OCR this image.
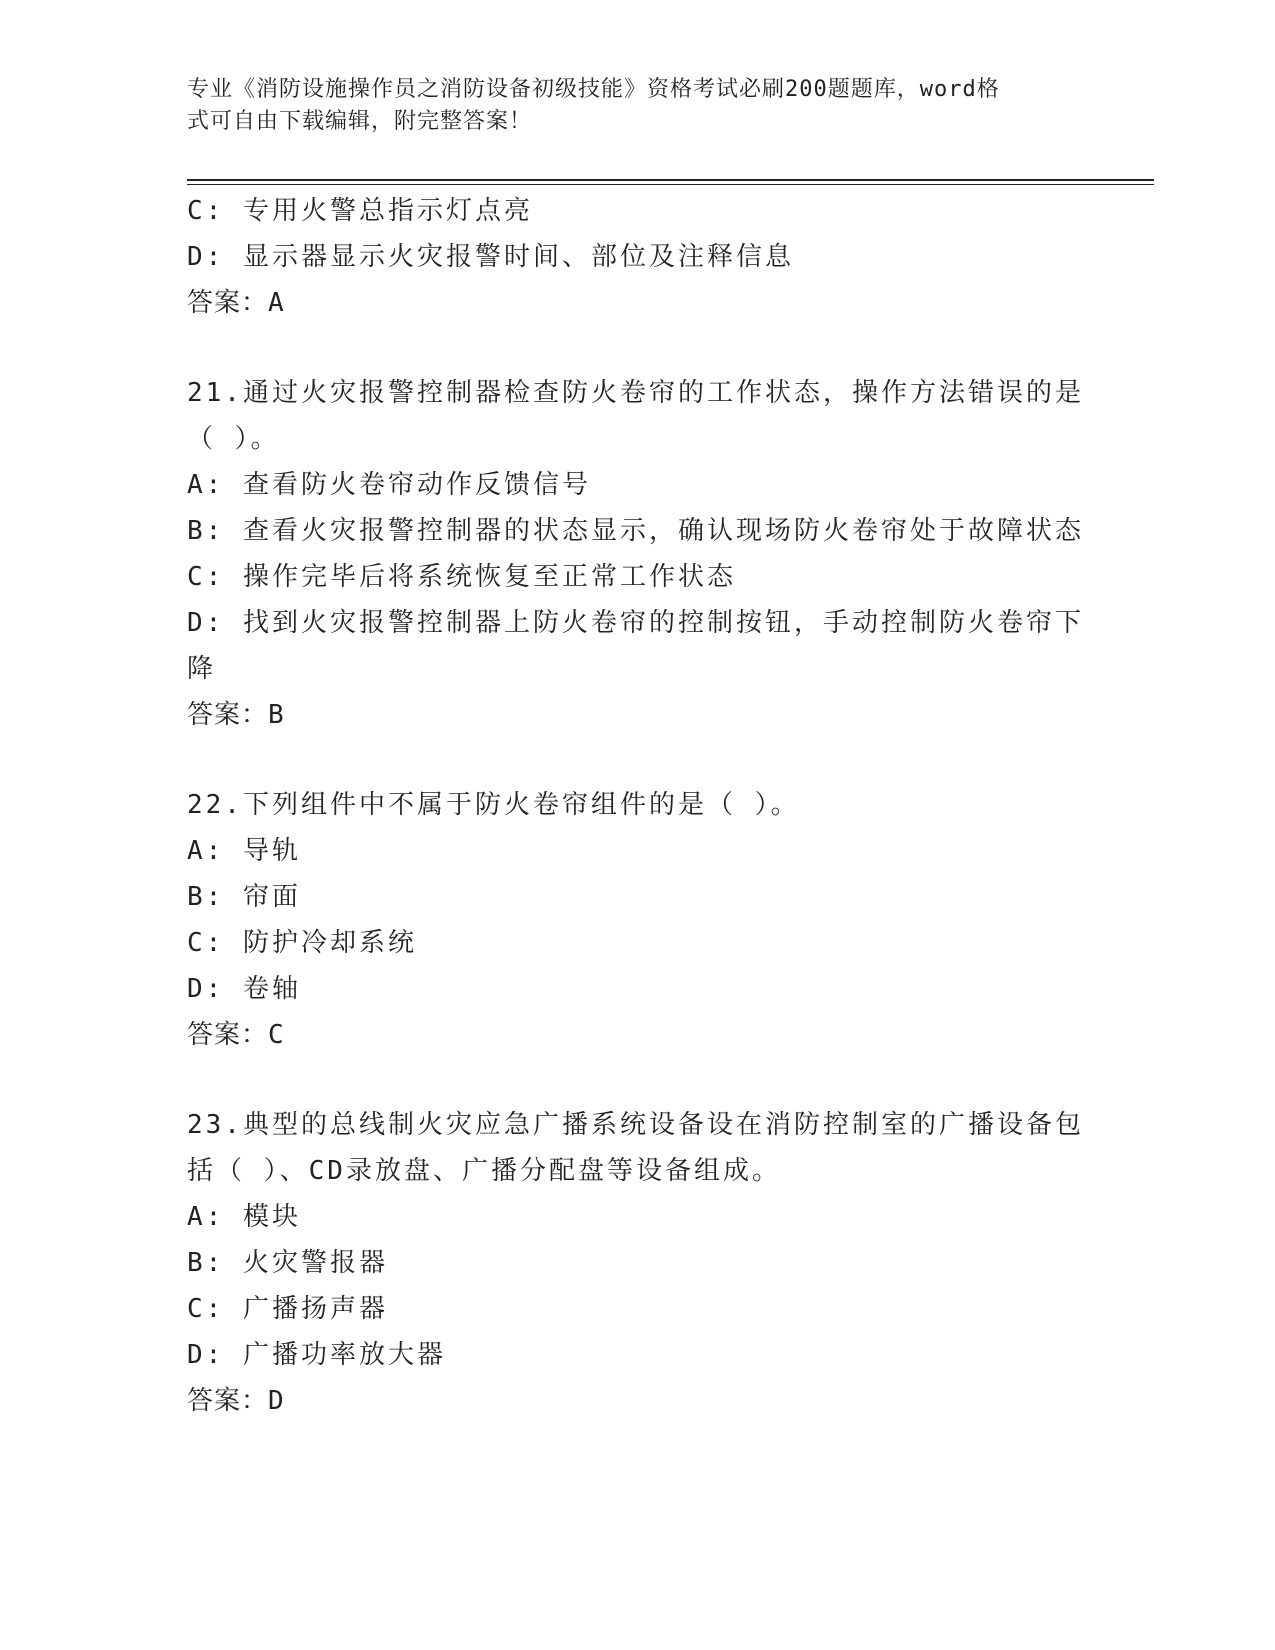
专业《消防设施操作员之消防设备初级技能》资格考试必刷200题题库，word格
式可自由下载编辑，附完整答案！
C: 专用火警总指示灯点亮
D: 显示器显示火灾报警时间、部位及注释信息
答案：A
21.通过火灾报警控制器检查防火卷帘的工作状态，操作方法错误的是
（ ）。
A: 查看防火卷帘动作反馈信号
B: 查看火灾报警控制器的状态显示，确认现场防火卷帘处于故障状态
C: 操作完毕后将系统恢复至正常工作状态
D: 找到火灾报警控制器上防火卷帘的控制按钮，手动控制防火卷帘下
降
答案：B
22.下列组件中不属于防火卷帘组件的是（ ）。
A: 导轨
B: 帘面
C: 防护冷却系统
D: 卷轴
答案：C
23.典型的总线制火灾应急广播系统设备设在消防控制室的广播设备包
括（ ）、CD录放盘、广播分配盘等设备组成。
A: 模块
B: 火灾警报器
C: 广播扬声器
D: 广播功率放大器
答案：D
